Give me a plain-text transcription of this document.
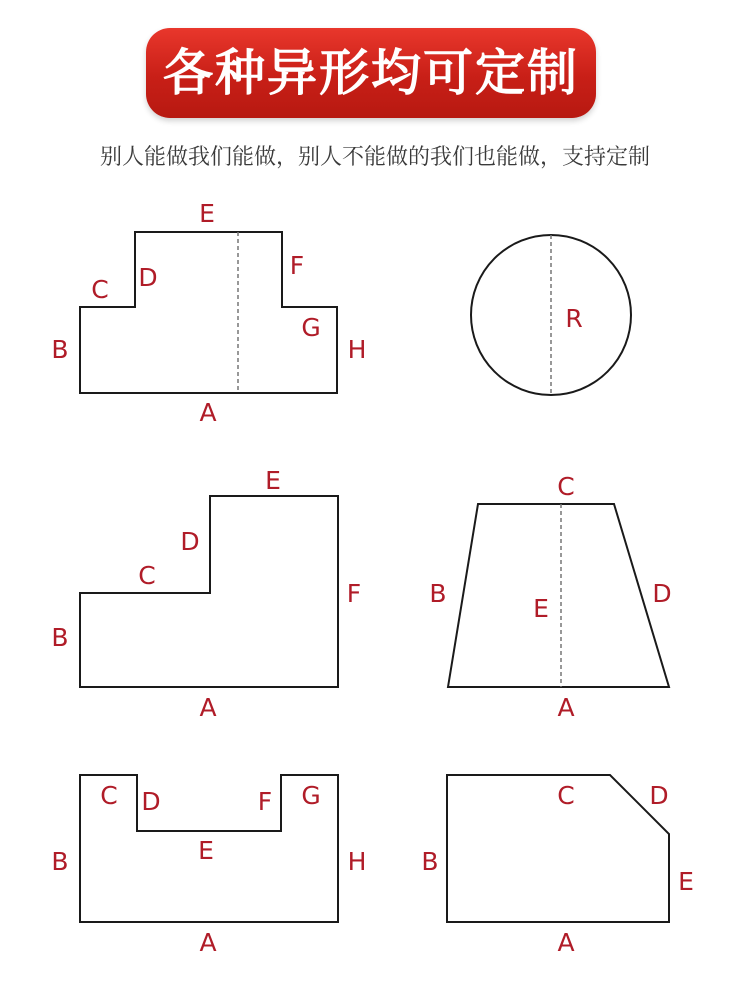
各种异形均可定制
别人能做我们能做，别人不能做的我们也能做，支持定制
A
B
C D
E
F
G
H
R
A
B
C
D
E
F
A
B
C
D
E
A
B
C D
E
F G
H
A
B
C	D
E
